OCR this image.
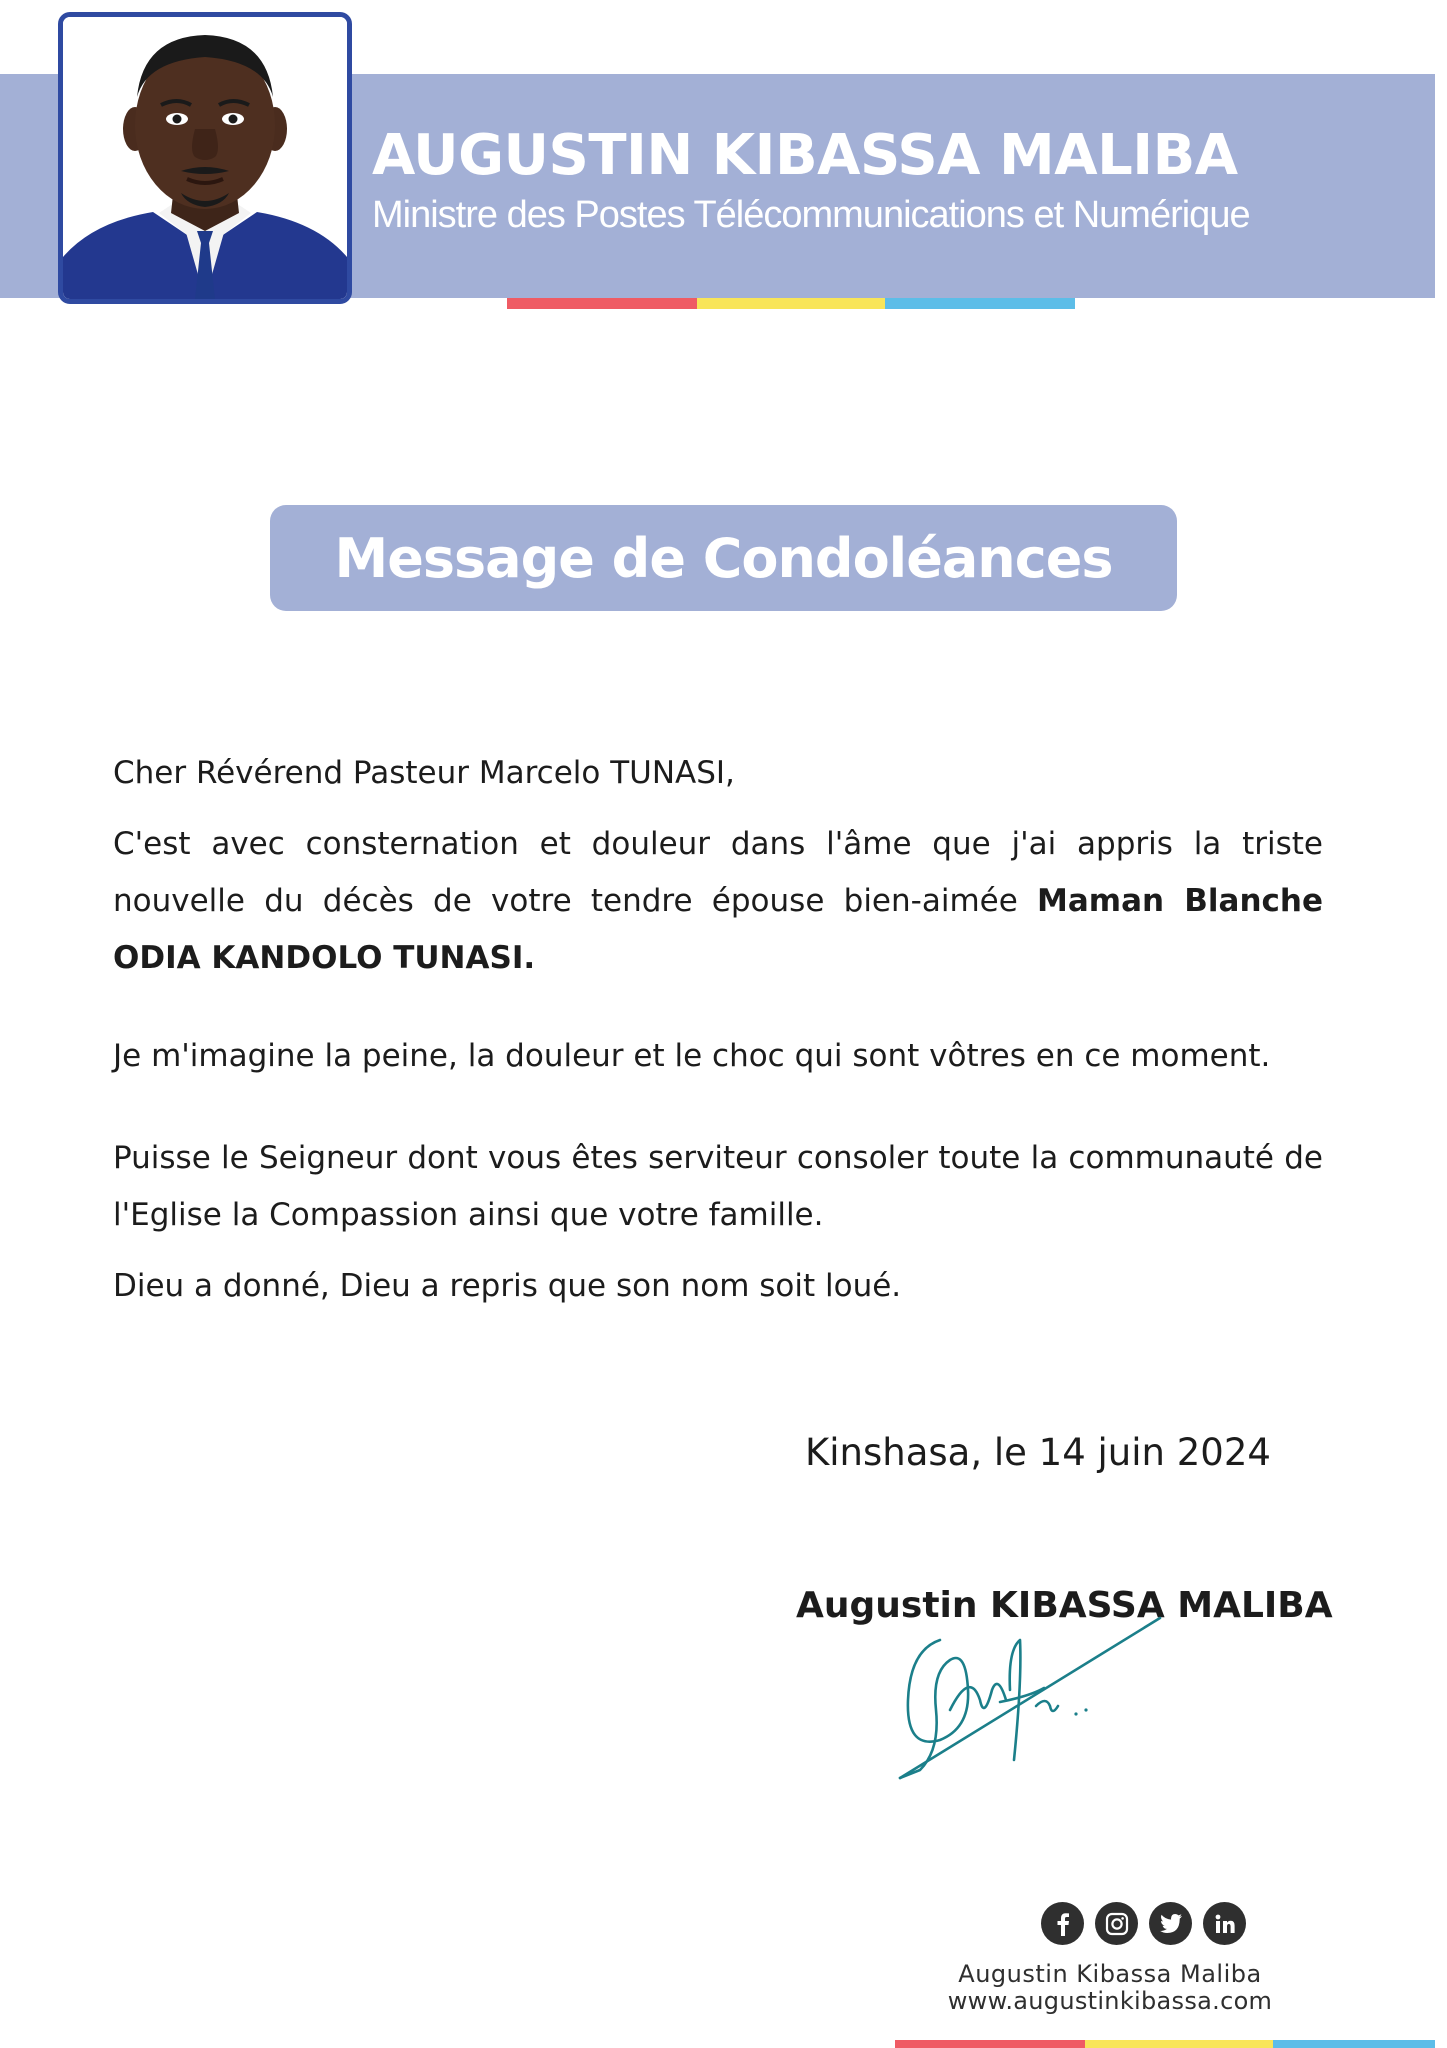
AUGUSTIN KIBASSA MALIBA
Ministre des Postes Télécommunications et Numérique
Message de Condoléances

Cher Révérend Pasteur Marcelo TUNASI,

C'est avec consternation et douleur dans l'âme que j'ai appris la triste nouvelle du décès de votre tendre épouse bien-aimée Maman Blanche ODIA KANDOLO TUNASI.

Je m'imagine la peine, la douleur et le choc qui sont vôtres en ce moment.

Puisse le Seigneur dont vous êtes serviteur consoler toute la communauté de l'Eglise la Compassion ainsi que votre famille.

Dieu a donné, Dieu a repris que son nom soit loué.

Kinshasa, le 14 juin 2024
Augustin KIBASSA MALIBA
Augustin Kibassa Maliba
www.augustinkibassa.com
